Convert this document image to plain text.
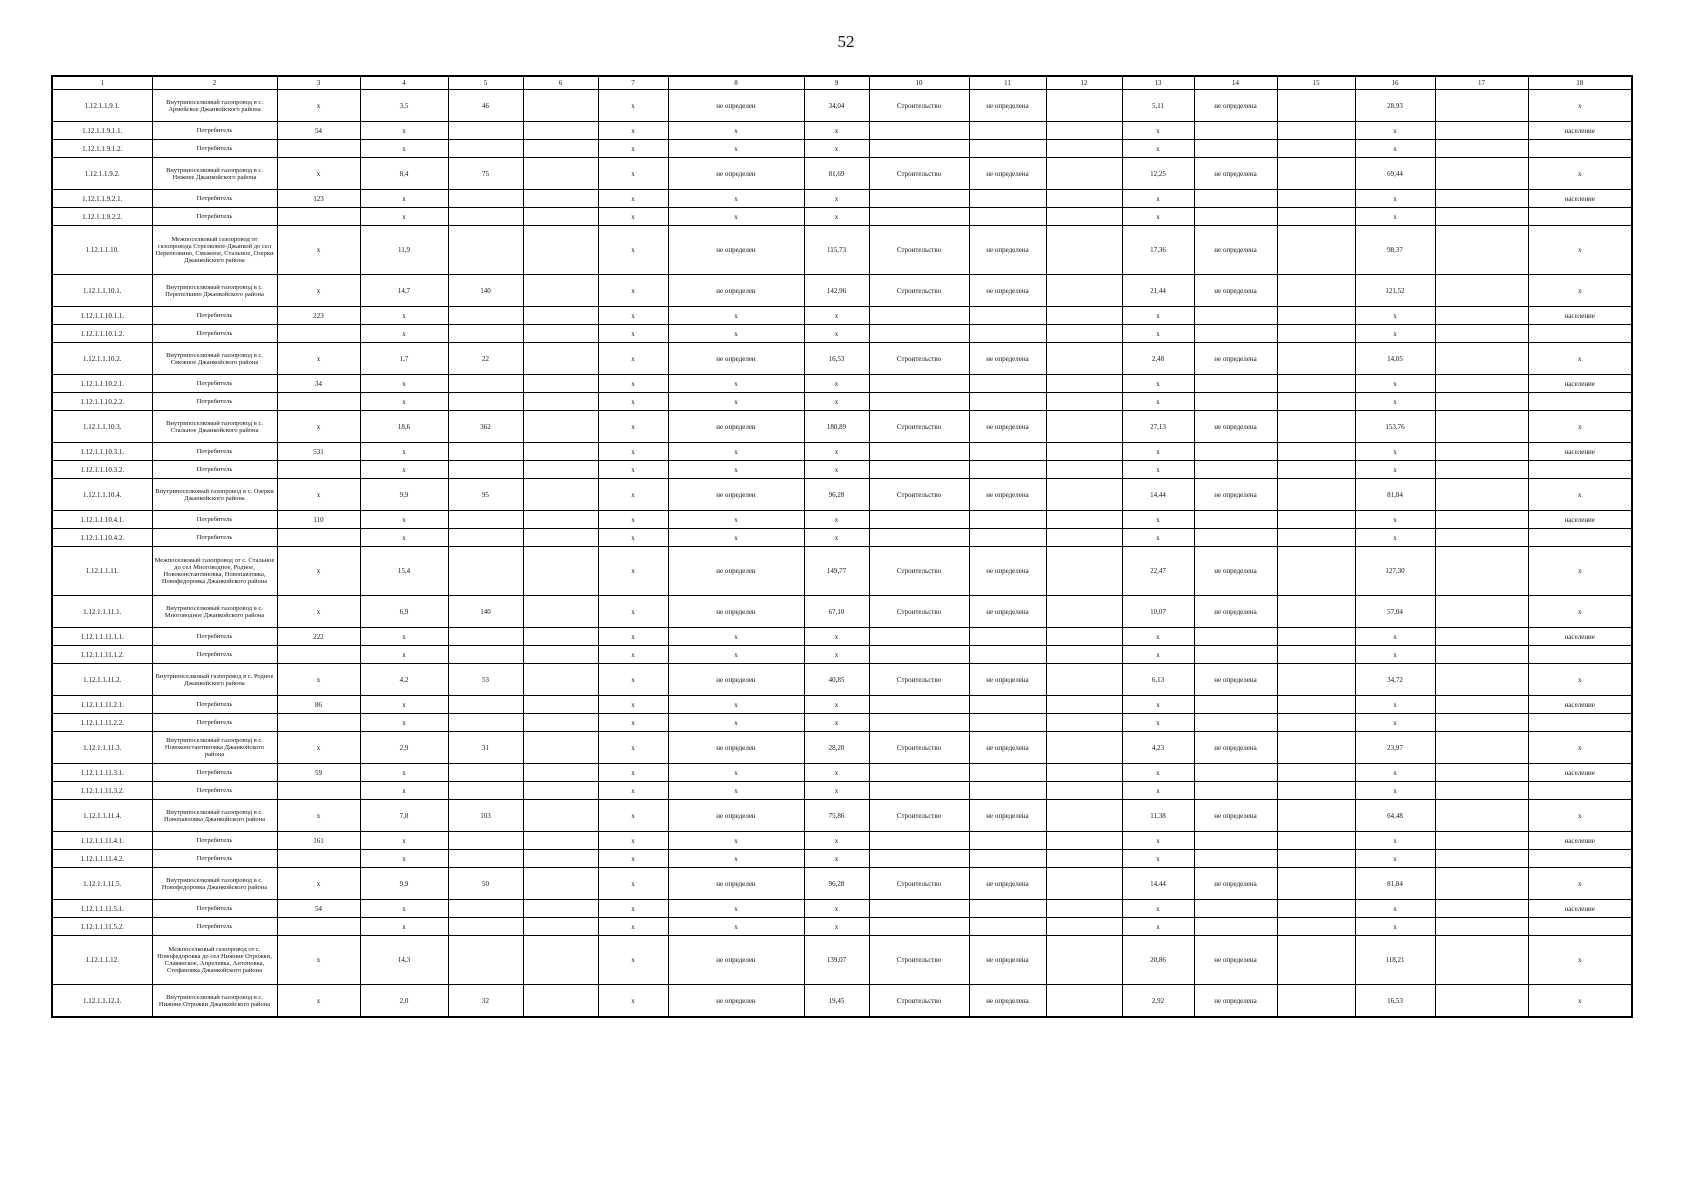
52
1	2	3	4	5	6	7	8	9	10	11	12	13	14	15	16	17	18
1.12.1.1.9.1.	Внутрипоселковый газопровод в с. Армейское Джанкойского района	х	3,5	46		х	не определен	34,04	Строительство	не определена		5,11	не определена		28,93		х
1.12.1.1.9.1.1.	Потребитель	54	х			х	х	х				х			х		население
1.12.1.1.9.1.2.	Потребитель		х			х	х	х				х			х		
1.12.1.1.9.2.	Внутрипоселковый газопровод в с. Нижнее Джанкойского района	х	8,4	75		х	не определен	81,69	Строительство	не определена		12,25	не определена		69,44		х
1.12.1.1.9.2.1.	Потребитель	123	х			х	х	х				х			х		население
1.12.1.1.9.2.2.	Потребитель		х			х	х	х				х			х		
1.12.1.1.10.	Межпоселковый газопровод от газопровода Стрелковое-Джанкой до сел Перепелкино, Смежное, Стальное, Озерки Джанкойского района	х	11,9			х	не определен	115,73	Строительство	не определена		17,36	не определена		98,37		х
1.12.1.1.10.1.	Внутрипоселковый газопровод в с. Перепелкино Джанкойского района	х	14,7	140		х	не определен	142,96	Строительство	не определена		21,44	не определена		121,52		х
1.12.1.1.10.1.1.	Потребитель	223	х			х	х	х				х			х		население
1.12.1.1.10.1.2.	Потребитель		х			х	х	х				х			х		
1.12.1.1.10.2.	Внутрипоселковый газопровод в с. Смежное Джанкойского района	х	1,7	22		х	не определен	16,53	Строительство	не определена		2,48	не определена		14,05		х
1.12.1.1.10.2.1.	Потребитель	34	х			х	х	х				х			х		население
1.12.1.1.10.2.2.	Потребитель		х			х	х	х				х			х		
1.12.1.1.10.3.	Внутрипоселковый газопровод в с. Стальное Джанкойского района	х	18,6	362		х	не определен	180,89	Строительство	не определена		27,13	не определена		153,76		х
1.12.1.1.10.3.1.	Потребитель	531	х			х	х	х				х			х		население
1.12.1.1.10.3.2.	Потребитель		х			х	х	х				х			х		
1.12.1.1.10.4.	Внутрипоселковый газопровод в с. Озерки Джанкойского района	х	9,9	95		х	не определен	96,28	Строительство	не определена		14,44	не определена		81,84		х
1.12.1.1.10.4.1.	Потребитель	110	х			х	х	х				х			х		население
1.12.1.1.10.4.2.	Потребитель		х			х	х	х				х			х		
1.12.1.1.11.	Межпоселковый газопровод от с. Стальное до сел Многоводное, Родное, Новоконстантиновка, Новопавловка, Новофедоровка Джанкойского района	х	15,4			х	не определен	149,77	Строительство	не определена		22,47	не определена		127,30		х
1.12.1.1.11.1.	Внутрипоселковый газопровод в с. Многоводное Джанкойского района	х	6,9	140		х	не определен	67,10	Строительство	не определена		10,07	не определена		57,04		х
1.12.1.1.11.1.1.	Потребитель	222	х			х	х	х				х			х		население
1.12.1.1.11.1.2.	Потребитель		х			х	х	х				х			х		
1.12.1.1.11.2.	Внутрипоселковый газопровод в с. Родное Джанкойского района	х	4,2	53		х	не определен	40,85	Строительство	не определена		6,13	не определена		34,72		х
1.12.1.1.11.2.1.	Потребитель	86	х			х	х	х				х			х		население
1.12.1.1.11.2.2.	Потребитель		х			х	х	х				х			х		
1.12.1.1.11.3.	Внутрипоселковый газопровод в с. Новоконстантиновка Джанкойского района	х	2,9	31		х	не определен	28,20	Строительство	не определена		4,23	не определена		23,97		х
1.12.1.1.11.3.1.	Потребитель	59	х			х	х	х				х			х		население
1.12.1.1.11.3.2.	Потребитель		х			х	х	х				х			х		
1.12.1.1.11.4.	Внутрипоселковый газопровод в с. Новопавловка Джанкойского района	х	7,8	103		х	не определен	75,86	Строительство	не определена		11,38	не определена		64,48		х
1.12.1.1.11.4.1.	Потребитель	161	х			х	х	х				х			х		население
1.12.1.1.11.4.2.	Потребитель		х			х	х	х				х			х		
1.12.1.1.11.5.	Внутрипоселковый газопровод в с. Новофедоровка Джанкойского района	х	9,9	50		х	не определен	96,28	Строительство	не определена		14,44	не определена		81,84		х
1.12.1.1.11.5.1.	Потребитель	54	х			х	х	х				х			х		население
1.12.1.1.11.5.2.	Потребитель		х			х	х	х				х			х		
1.12.1.1.12.	Межпоселковый газопровод от с. Новофедоровка до сел Нижние Отрожки, Славянское, Апрелевка, Антоновка, Стефановка Джанкойского района	х	14,3			х	не определен	139,07	Строительство	не определена		20,86	не определена		118,21		х
1.12.1.1.12.1.	Внутрипоселковый газопровод в с. Нижние Отрожки Джанкойского района	х	2,0	32		х	не определен	19,45	Строительство	не определена		2,92	не определена		16,53		х
